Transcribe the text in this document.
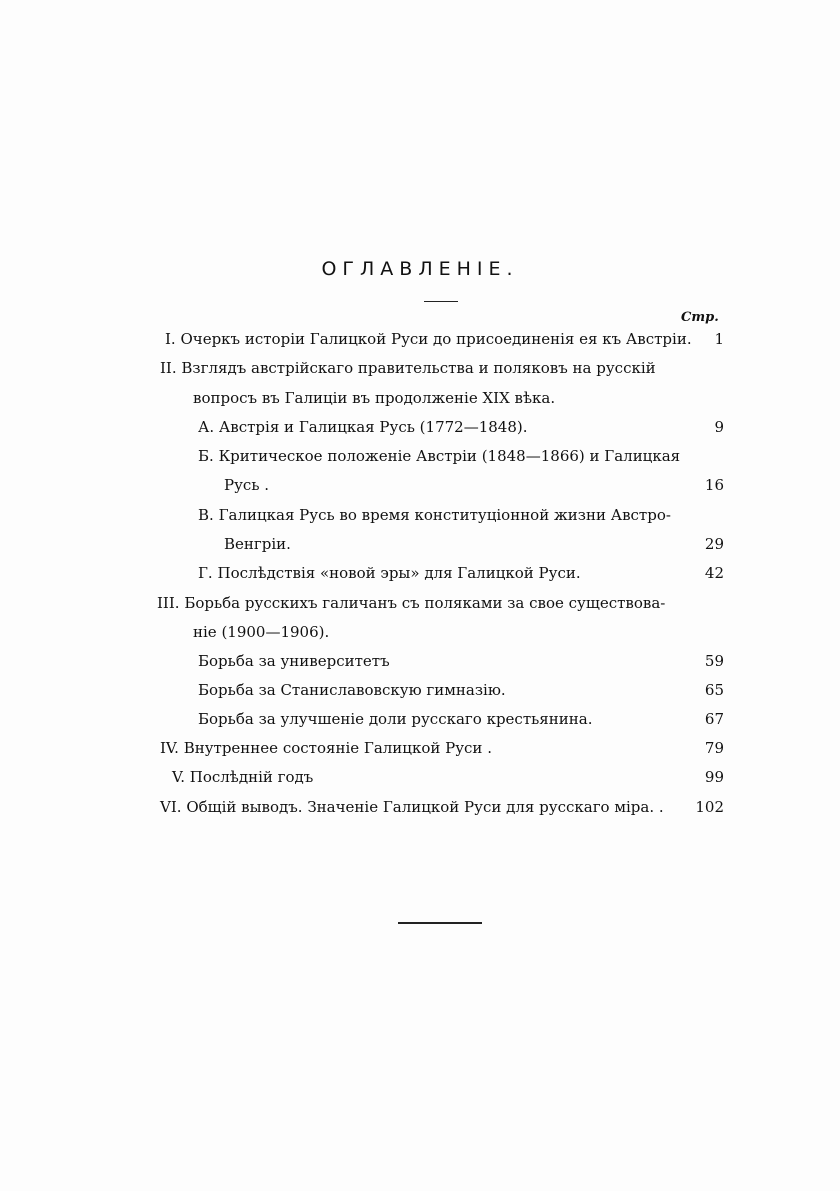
ОГЛАВЛЕНІЕ.
Стр.
I. Очеркъ исторіи Галицкой Руси до присоединенія ея къ Австріи.	1
II. Взглядъ австрійскаго правительства и поляковъ на русскій
вопросъ въ Галиціи въ продолженіе XIX вѣка.
А. Австрія и Галицкая Русь (1772—1848).	9
Б. Критическое положеніе Австріи (1848—1866) и Галицкая
Русь .	16
В. Галицкая Русь во время конституціонной жизни Австро-
Венгріи.	29
Г. Послѣдствія «новой эры» для Галицкой Руси.	42
III. Борьба русскихъ галичанъ съ поляками за свое существова-
ніе (1900—1906).
Борьба за университетъ	59
Борьба за Станиславовскую гимназію.	65
Борьба за улучшеніе доли русскаго крестьянина.	67
IV. Внутреннее состояніе Галицкой Руси .	79
V. Послѣдній годъ	99
VI. Общій выводъ. Значеніе Галицкой Руси для русскаго міра. .	102
